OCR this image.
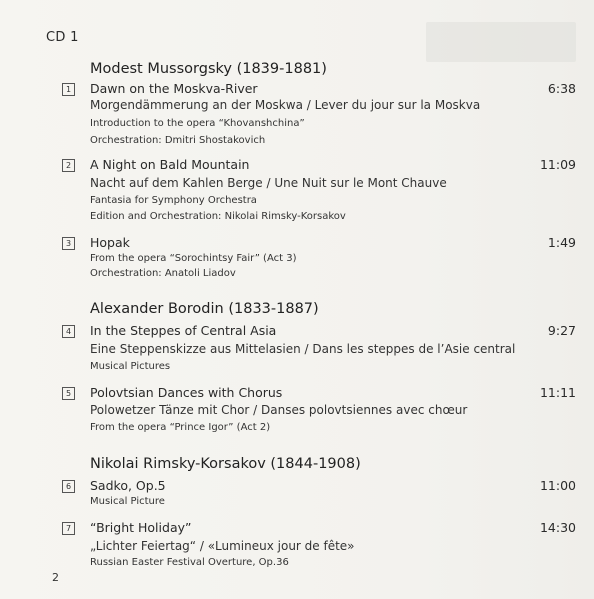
CD 1
Modest Mussorgsky (1839-1881)
1	Dawn on the Moskva-River	6:38
Morgendämmerung an der Moskwa / Lever du jour sur la Moskva
Introduction to the opera “Khovanshchina”
Orchestration: Dmitri Shostakovich
2	A Night on Bald Mountain	11:09
Nacht auf dem Kahlen Berge / Une Nuit sur le Mont Chauve
Fantasia for Symphony Orchestra
Edition and Orchestration: Nikolai Rimsky-Korsakov
3	Hopak	1:49
From the opera “Sorochintsy Fair” (Act 3)
Orchestration: Anatoli Liadov
Alexander Borodin (1833-1887)
4	In the Steppes of Central Asia	9:27
Eine Steppenskizze aus Mittelasien / Dans les steppes de l’Asie central
Musical Pictures
5	Polovtsian Dances with Chorus	11:11
Polowetzer Tänze mit Chor / Danses polovtsiennes avec chœur
From the opera “Prince Igor” (Act 2)
Nikolai Rimsky-Korsakov (1844-1908)
6	Sadko, Op.5	11:00
Musical Picture
7	“Bright Holiday”	14:30
„Lichter Feiertag“ / «Lumineux jour de fête»
Russian Easter Festival Overture, Op.36
2
